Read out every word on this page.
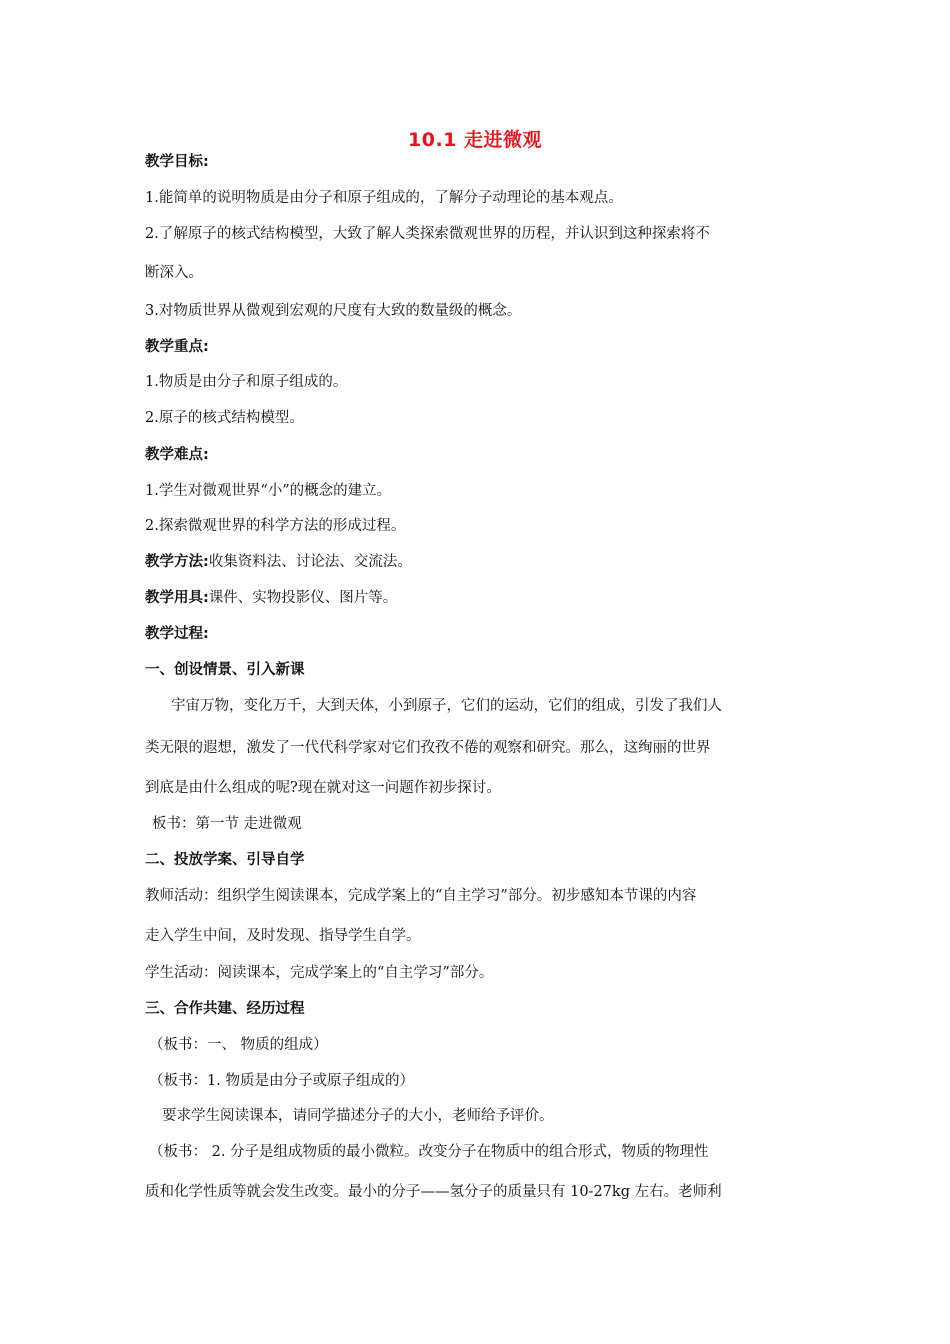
10.1 走进微观
教学目标:
1.能简单的说明物质是由分子和原子组成的，了解分子动理论的基本观点。
2.了解原子的核式结构模型，大致了解人类探索微观世界的历程，并认识到这种探索将不
断深入。
3.对物质世界从微观到宏观的尺度有大致的数量级的概念。
教学重点:
1.物质是由分子和原子组成的。
2.原子的核式结构模型。
教学难点:
1.学生对微观世界“小”的概念的建立。
2.探索微观世界的科学方法的形成过程。
教学方法:收集资料法、讨论法、交流法。
教学用具:课件、实物投影仪、图片等。
教学过程:
一、创设情景、引入新课
宇宙万物，变化万千，大到天体，小到原子，它们的运动，它们的组成，引发了我们人
类无限的遐想，激发了一代代科学家对它们孜孜不倦的观察和研究。那么，这绚丽的世界
到底是由什么组成的呢?现在就对这一问题作初步探讨。
板书：第一节 走进微观
二、投放学案、引导自学
教师活动：组织学生阅读课本，完成学案上的“自主学习”部分。初步感知本节课的内容
走入学生中间，及时发现、指导学生自学。
学生活动：阅读课本，完成学案上的“自主学习”部分。
三、合作共建、经历过程
（板书：一、 物质的组成）
（板书：1. 物质是由分子或原子组成的）
要求学生阅读课本，请同学描述分子的大小，老师给予评价。
（板书： 2. 分子是组成物质的最小微粒。改变分子在物质中的组合形式，物质的物理性
质和化学性质等就会发生改变。最小的分子——氢分子的质量只有 10-27kg 左右。老师利
